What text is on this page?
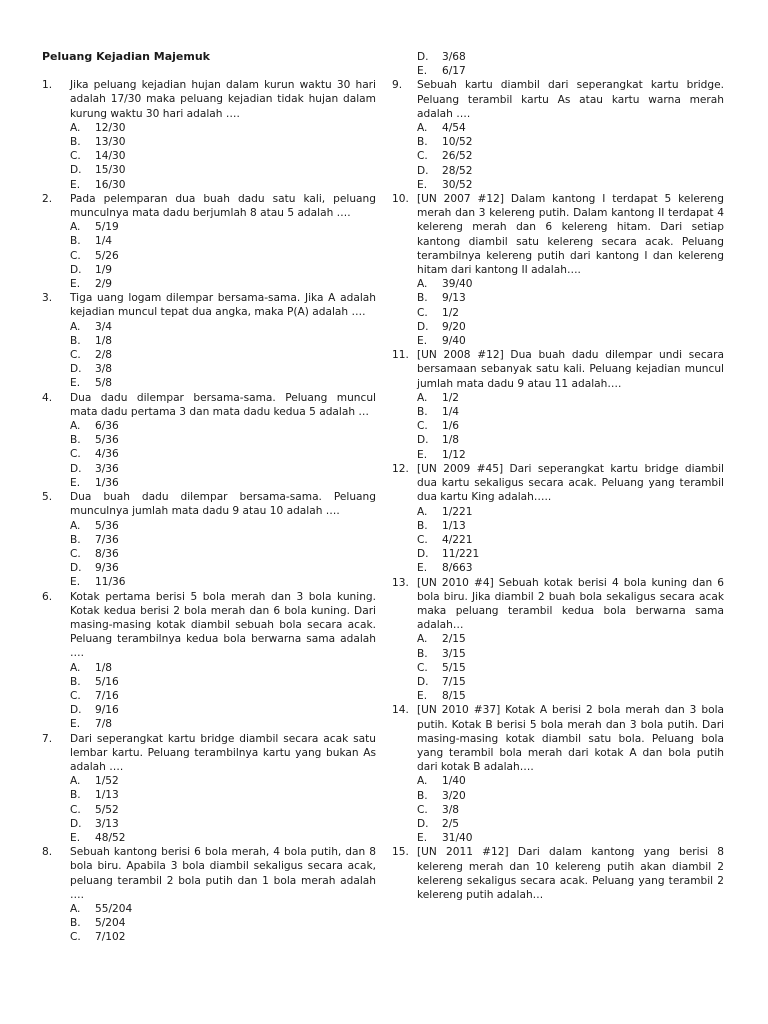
Peluang Kejadian Majemuk
1.	Jika peluang kejadian hujan dalam kurun waktu 30 hari adalah 17/30 maka peluang kejadian tidak hujan dalam kurung waktu 30 hari adalah ….
A.	12/30
B.	13/30
C.	14/30
D.	15/30
E.	16/30
2.	Pada pelemparan dua buah dadu satu kali, peluang munculnya mata dadu berjumlah 8 atau 5 adalah ….
A.	5/19
B.	1/4
C.	5/26
D.	1/9
E.	2/9
3.	Tiga uang logam dilempar bersama-sama. Jika A adalah kejadian muncul tepat dua angka, maka P(A) adalah ….
A.	3/4
B.	1/8
C.	2/8
D.	3/8
E.	5/8
4.	Dua dadu dilempar bersama-sama. Peluang muncul mata dadu pertama 3 dan mata dadu kedua 5 adalah …
A.	6/36
B.	5/36
C.	4/36
D.	3/36
E.	1/36
5.	Dua buah dadu dilempar bersama-sama. Peluang munculnya jumlah mata dadu 9 atau 10 adalah ….
A.	5/36
B.	7/36
C.	8/36
D.	9/36
E.	11/36
6.	Kotak pertama berisi 5 bola merah dan 3 bola kuning. Kotak kedua berisi 2 bola merah dan 6 bola kuning. Dari masing-masing kotak diambil sebuah bola secara acak. Peluang terambilnya kedua bola berwarna sama adalah ….
A.	1/8
B.	5/16
C.	7/16
D.	9/16
E.	7/8
7.	Dari seperangkat kartu bridge diambil secara acak satu lembar kartu. Peluang terambilnya kartu yang bukan As adalah ….
A.	1/52
B.	1/13
C.	5/52
D.	3/13
E.	48/52
8.	Sebuah kantong berisi 6 bola merah, 4 bola putih, dan 8 bola biru. Apabila 3 bola diambil sekaligus secara acak, peluang terambil 2 bola putih dan 1 bola merah adalah ….
A.	55/204
B.	5/204
C.	7/102
D.	3/68
E.	6/17
9.	Sebuah kartu diambil dari seperangkat kartu bridge. Peluang terambil kartu As atau kartu warna merah adalah ….
A.	4/54
B.	10/52
C.	26/52
D.	28/52
E.	30/52
10. [UN 2007 #12] Dalam kantong I terdapat 5 kelereng merah dan 3 kelereng putih. Dalam kantong II terdapat 4 kelereng merah dan 6 kelereng hitam. Dari setiap kantong diambil satu kelereng secara acak. Peluang terambilnya kelereng putih dari kantong I dan kelereng hitam dari kantong II adalah….
A.	39/40
B.	9/13
C.	1/2
D.	9/20
E.	9/40
11. [UN 2008 #12] Dua buah dadu dilempar undi secara bersamaan sebanyak satu kali. Peluang kejadian muncul jumlah mata dadu 9 atau 11 adalah….
A.	1/2
B.	1/4
C.	1/6
D.	1/8
E.	1/12
12. [UN 2009 #45] Dari seperangkat kartu bridge diambil dua kartu sekaligus secara acak. Peluang yang terambil dua kartu King adalah…..
A.	1/221
B.	1/13
C.	4/221
D.	11/221
E.	8/663
13. [UN 2010 #4] Sebuah kotak berisi 4 bola kuning dan 6 bola biru. Jika diambil 2 buah bola sekaligus secara acak maka peluang terambil kedua bola berwarna sama adalah…
A.	2/15
B.	3/15
C.	5/15
D.	7/15
E.	8/15
14. [UN 2010 #37] Kotak A berisi 2 bola merah dan 3 bola putih. Kotak B berisi 5 bola merah dan 3 bola putih. Dari masing-masing kotak diambil satu bola. Peluang bola yang terambil bola merah dari kotak A dan bola putih dari kotak B adalah….
A.	1/40
B.	3/20
C.	3/8
D.	2/5
E.	31/40
15. [UN 2011 #12] Dari dalam kantong yang berisi 8 kelereng merah dan 10 kelereng putih akan diambil 2 kelereng sekaligus secara acak. Peluang yang terambil 2 kelereng putih adalah…
